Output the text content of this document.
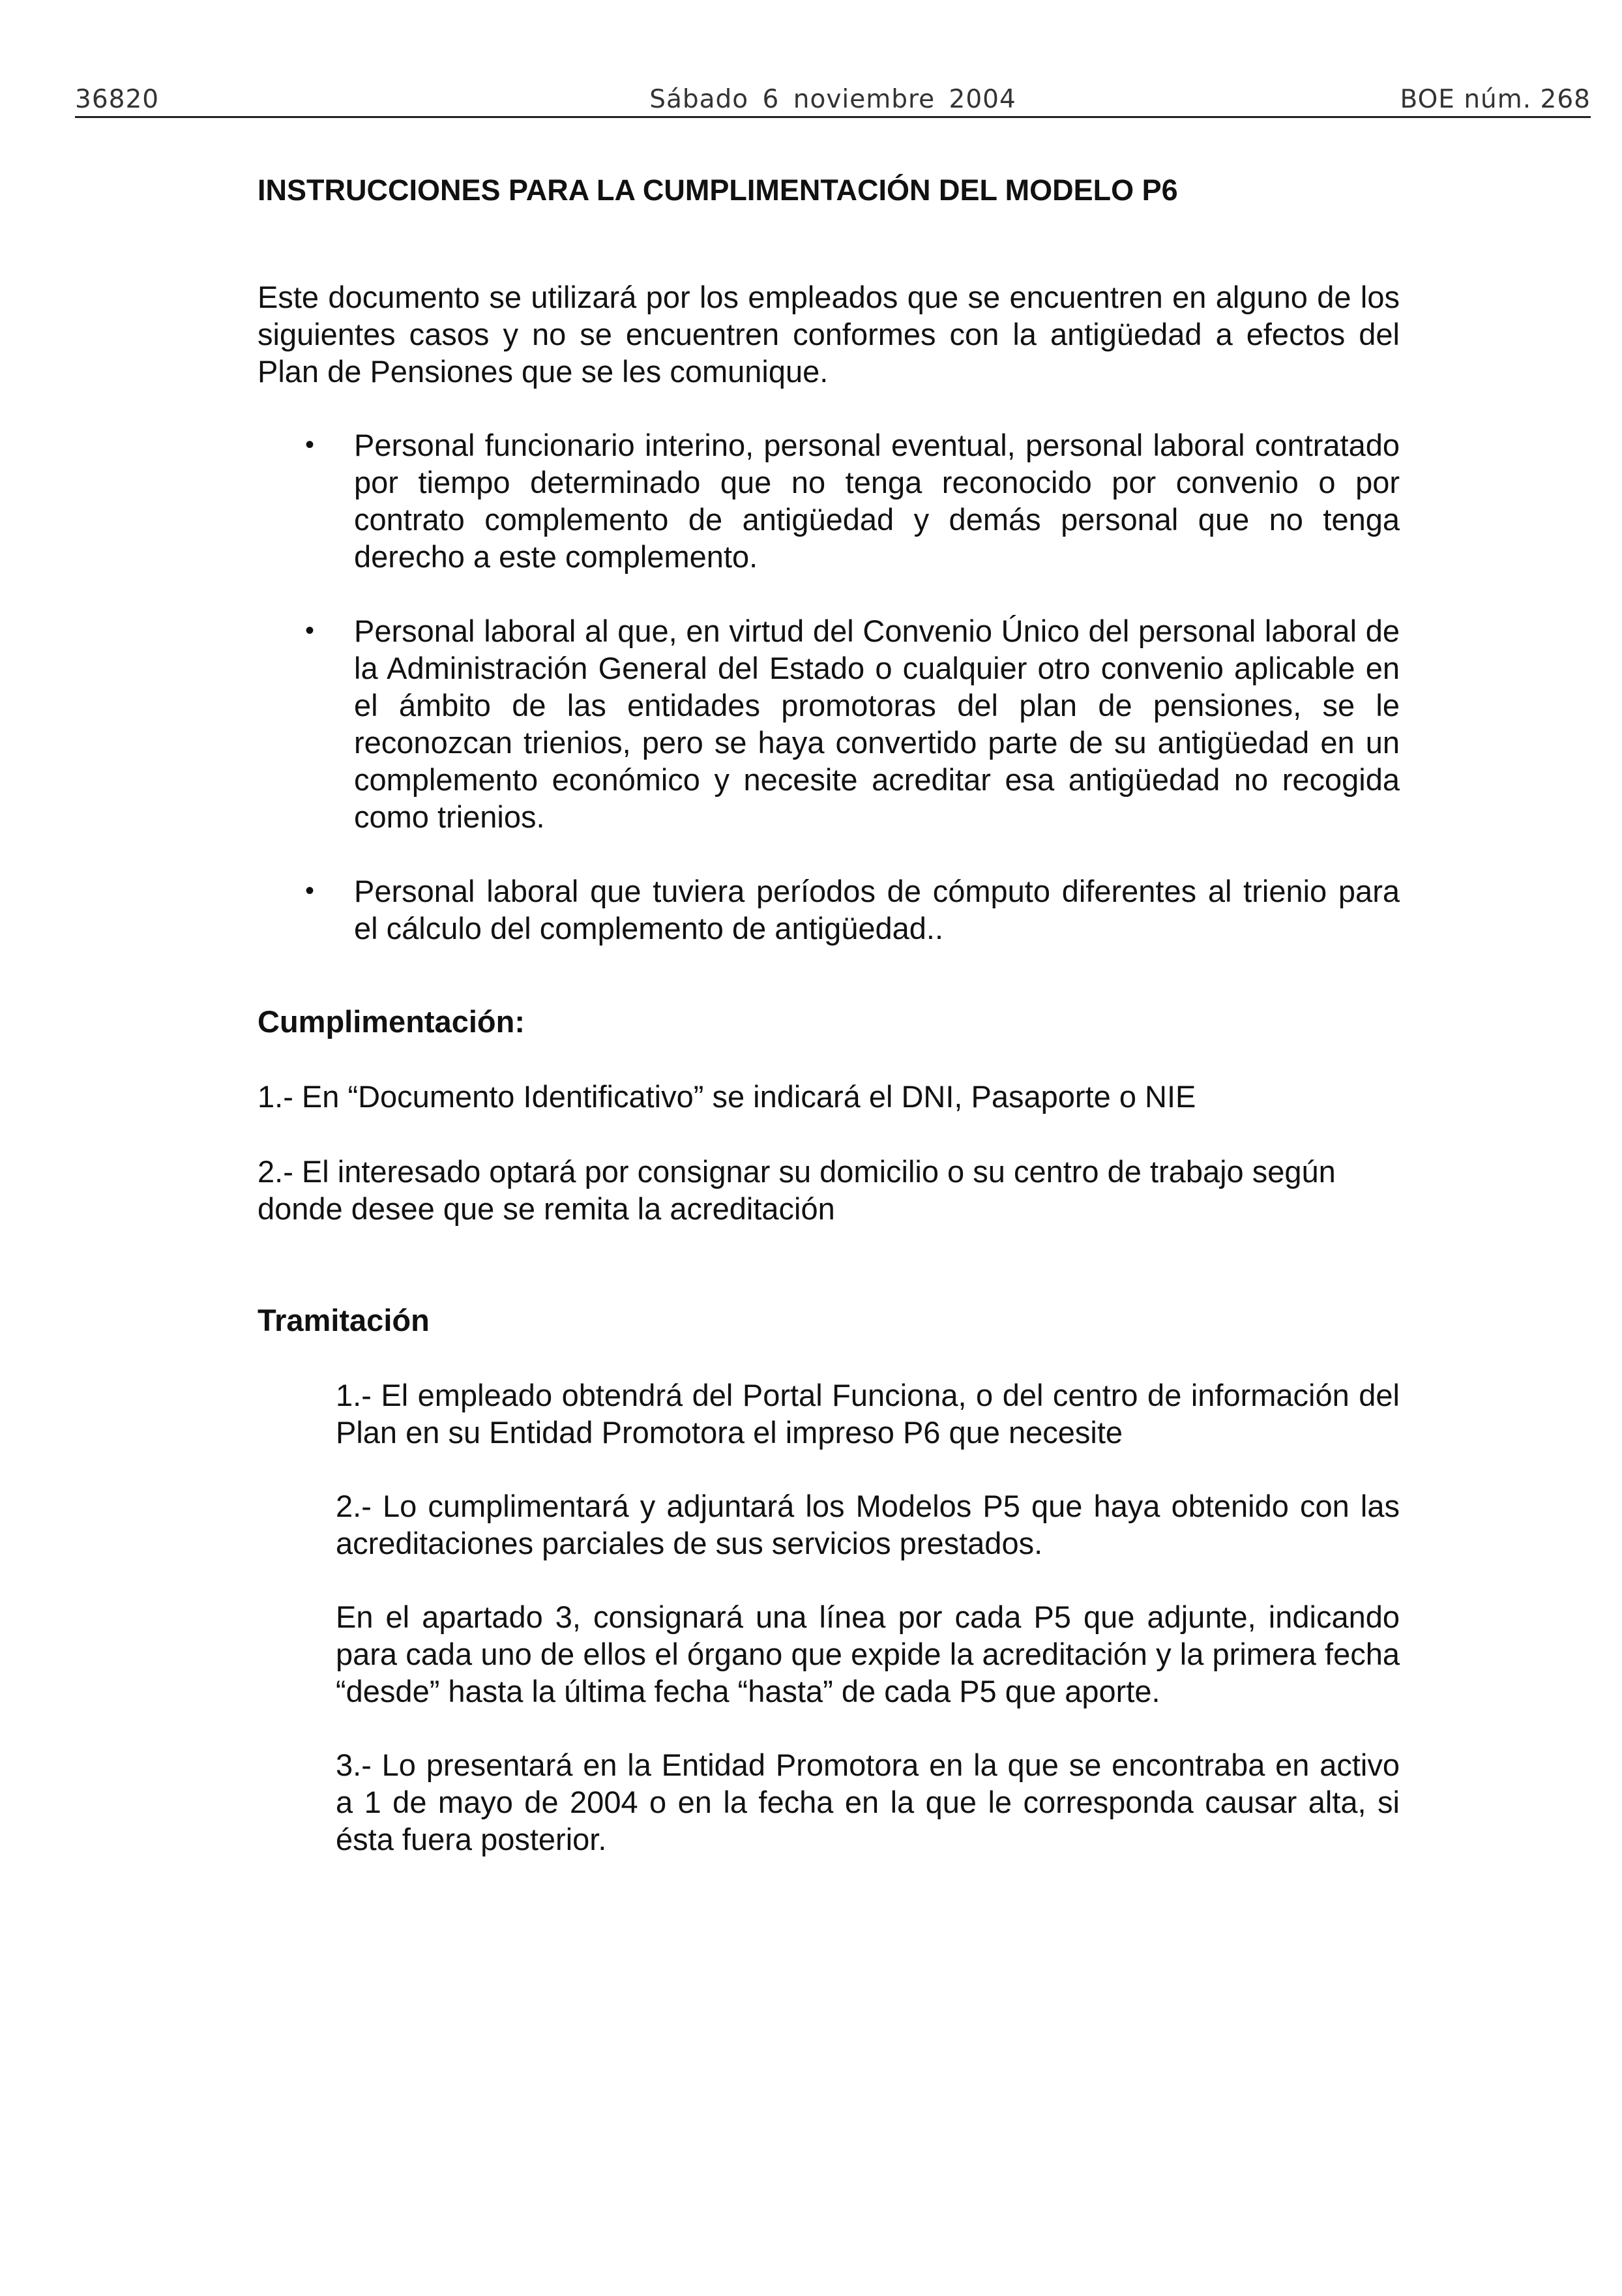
36820	Sábado 6 noviembre 2004	BOE núm. 268
INSTRUCCIONES PARA LA CUMPLIMENTACIÓN DEL MODELO P6

Este documento se utilizará por los empleados que se encuentren en alguno de los siguientes casos y no se encuentren conformes con la antigüedad a efectos del Plan de Pensiones que se les comunique.

• Personal funcionario interino, personal eventual, personal laboral contratado por tiempo determinado que no tenga reconocido por convenio o por contrato complemento de antigüedad y demás personal que no tenga derecho a este complemento.
• Personal laboral al que, en virtud del Convenio Único del personal laboral de la Administración General del Estado o cualquier otro convenio aplicable en el ámbito de las entidades promotoras del plan de pensiones, se le reconozcan trienios, pero se haya convertido parte de su antigüedad en un complemento económico y necesite acreditar esa antigüedad no recogida como trienios.
• Personal laboral que tuviera períodos de cómputo diferentes al trienio para el cálculo del complemento de antigüedad..
Cumplimentación:

1.- En “Documento Identificativo” se indicará el DNI, Pasaporte o NIE

2.- El interesado optará por consignar su domicilio o su centro de trabajo según donde desee que se remita la acreditación

Tramitación

1.- El empleado obtendrá del Portal Funciona, o del centro de información del Plan en su Entidad Promotora el impreso P6 que necesite

2.- Lo cumplimentará y adjuntará los Modelos P5 que haya obtenido con las acreditaciones parciales de sus servicios prestados.

En el apartado 3, consignará una línea por cada P5 que adjunte, indicando para cada uno de ellos el órgano que expide la acreditación y la primera fecha “desde” hasta la última fecha “hasta” de cada P5 que aporte.

3.- Lo presentará en la Entidad Promotora en la que se encontraba en activo a 1 de mayo de 2004 o en la fecha en la que le corresponda causar alta, si ésta fuera posterior.
